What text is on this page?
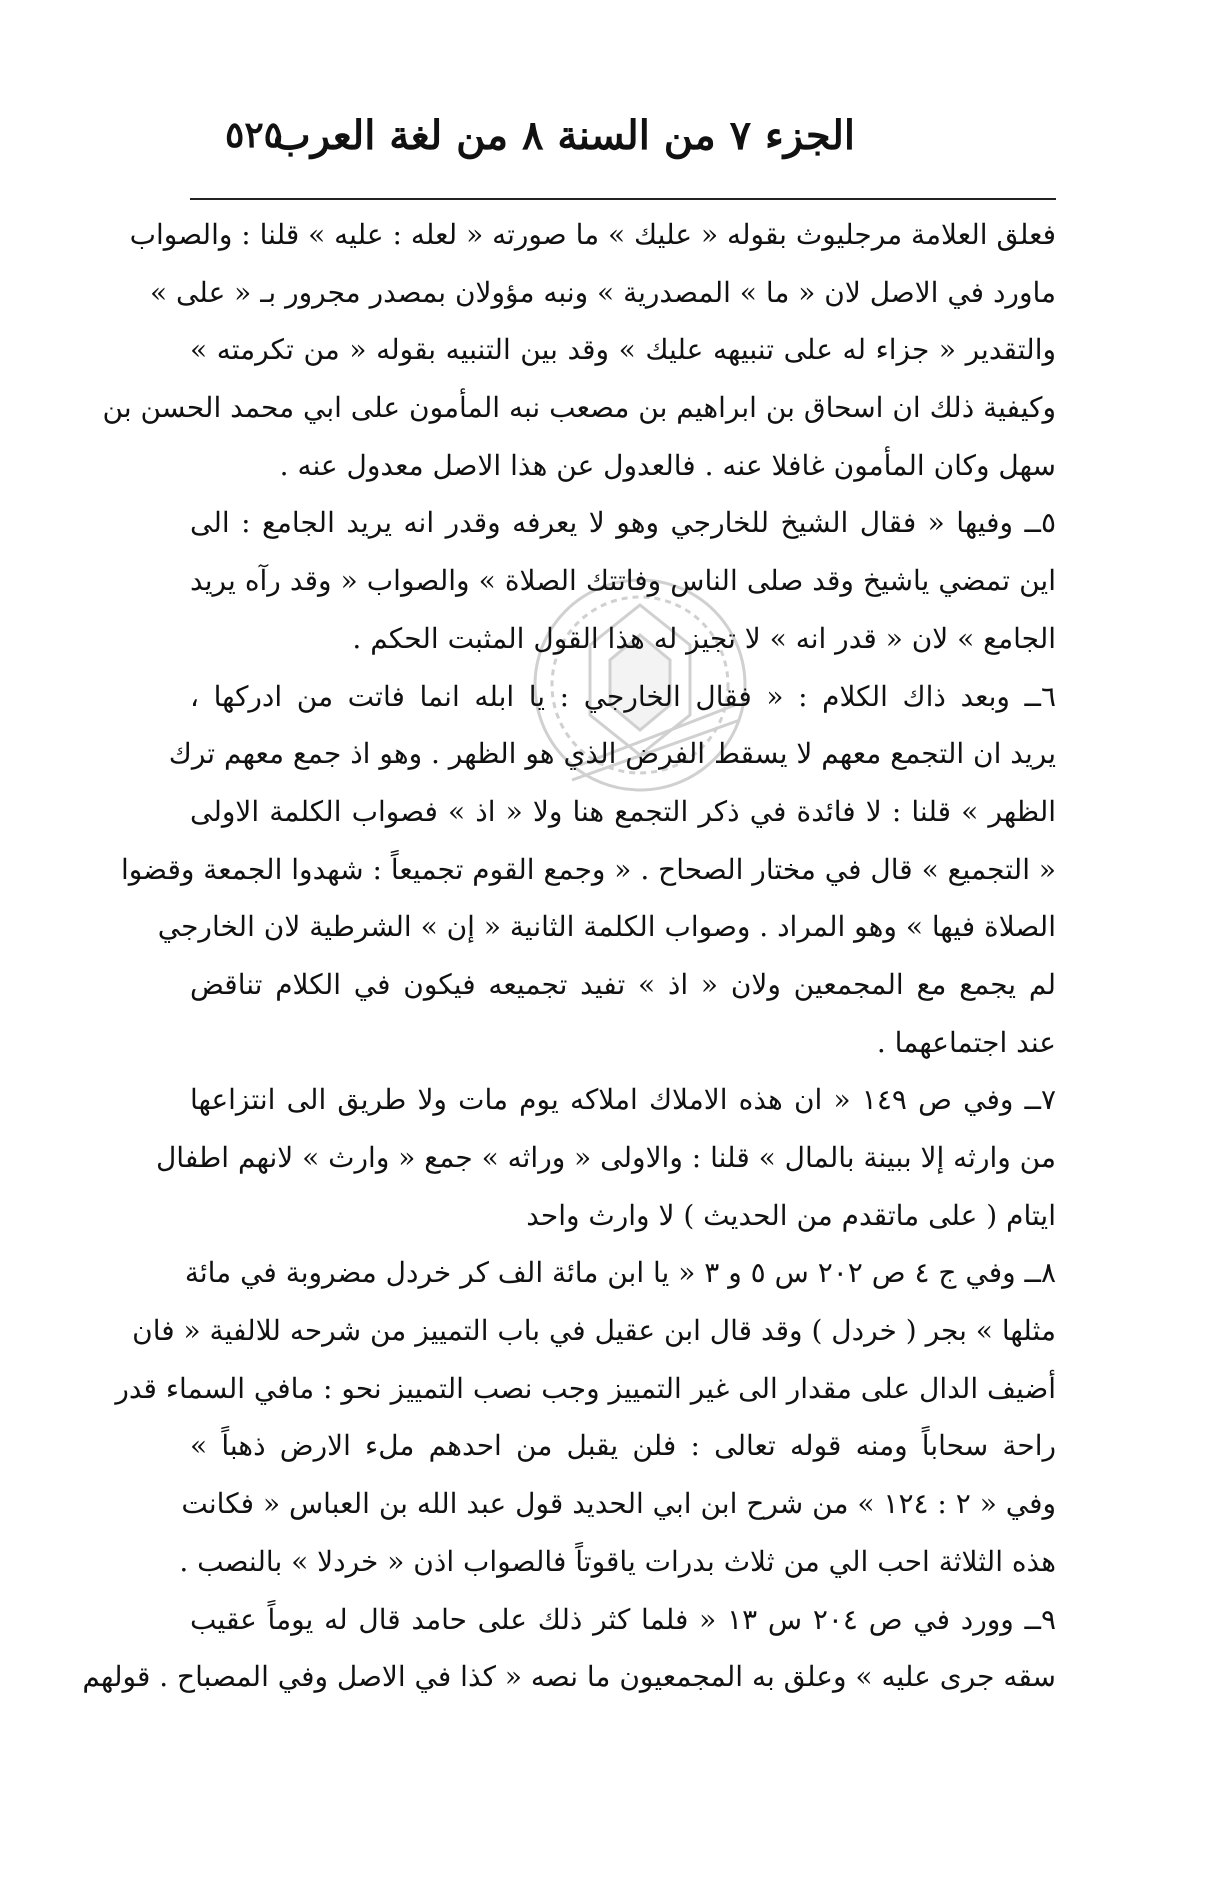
الجزء ٧ من السنة ٨ من لغة العرب
٥٢٥
فعلق العلامة مرجليوث بقوله « عليك » ما صورته « لعله : عليه » قلنا : والصواب
ماورد في الاصل لان « ما » المصدرية » ونبه مؤولان بمصدر مجرور بـ « على »
والتقدير « جزاء له على تنبيهه عليك » وقد بين التنبيه بقوله « من تكرمته »
وكيفية ذلك ان اسحاق بن ابراهيم بن مصعب نبه المأمون على ابي محمد الحسن بن
سهل وكان المأمون غافلا عنه . فالعدول عن هذا الاصل معدول عنه .
٥ــ وفيها « فقال الشيخ للخارجي وهو لا يعرفه وقدر انه يريد الجامع : الى
اين تمضي ياشيخ وقد صلى الناس وفاتتك الصلاة » والصواب « وقد رآه يريد
الجامع » لان « قدر انه » لا تجيز له هذا القول المثبت الحكم .
٦ــ وبعد ذاك الكلام : « فقال الخارجي : يا ابله انما فاتت من ادركها ،
يريد ان التجمع معهم لا يسقط الفرض الذي هو الظهر . وهو اذ جمع معهم ترك
الظهر » قلنا : لا فائدة في ذكر التجمع هنا ولا « اذ » فصواب الكلمة الاولى
« التجميع » قال في مختار الصحاح . « وجمع القوم تجميعاً : شهدوا الجمعة وقضوا
الصلاة فيها » وهو المراد . وصواب الكلمة الثانية « إن » الشرطية لان الخارجي
لم يجمع مع المجمعين ولان « اذ » تفيد تجميعه فيكون في الكلام تناقض
عند اجتماعهما .
٧ــ وفي ص ١٤٩ « ان هذه الاملاك املاكه يوم مات ولا طريق الى انتزاعها
من وارثه إلا ببينة بالمال » قلنا : والاولى « وراثه » جمع « وارث » لانهم اطفال
ايتام ( على ماتقدم من الحديث ) لا وارث واحد
٨ــ وفي ج ٤ ص ٢٠٢ س ٥ و ٣ « يا ابن مائة الف كر خردل مضروبة في مائة
مثلها » بجر ( خردل ) وقد قال ابن عقيل في باب التمييز من شرحه للالفية « فان
أضيف الدال على مقدار الى غير التمييز وجب نصب التمييز نحو : مافي السماء قدر
راحة سحاباً ومنه قوله تعالى : فلن يقبل من احدهم ملء الارض ذهباً »
وفي « ٢ : ١٢٤ » من شرح ابن ابي الحديد قول عبد الله بن العباس « فكانت
هذه الثلاثة احب الي من ثلاث بدرات ياقوتاً فالصواب اذن « خردلا » بالنصب .
٩ــ وورد في ص ٢٠٤ س ١٣ « فلما كثر ذلك على حامد قال له يوماً عقيب
سقه جرى عليه » وعلق به المجمعيون ما نصه « كذا في الاصل وفي المصباح . قولهم
